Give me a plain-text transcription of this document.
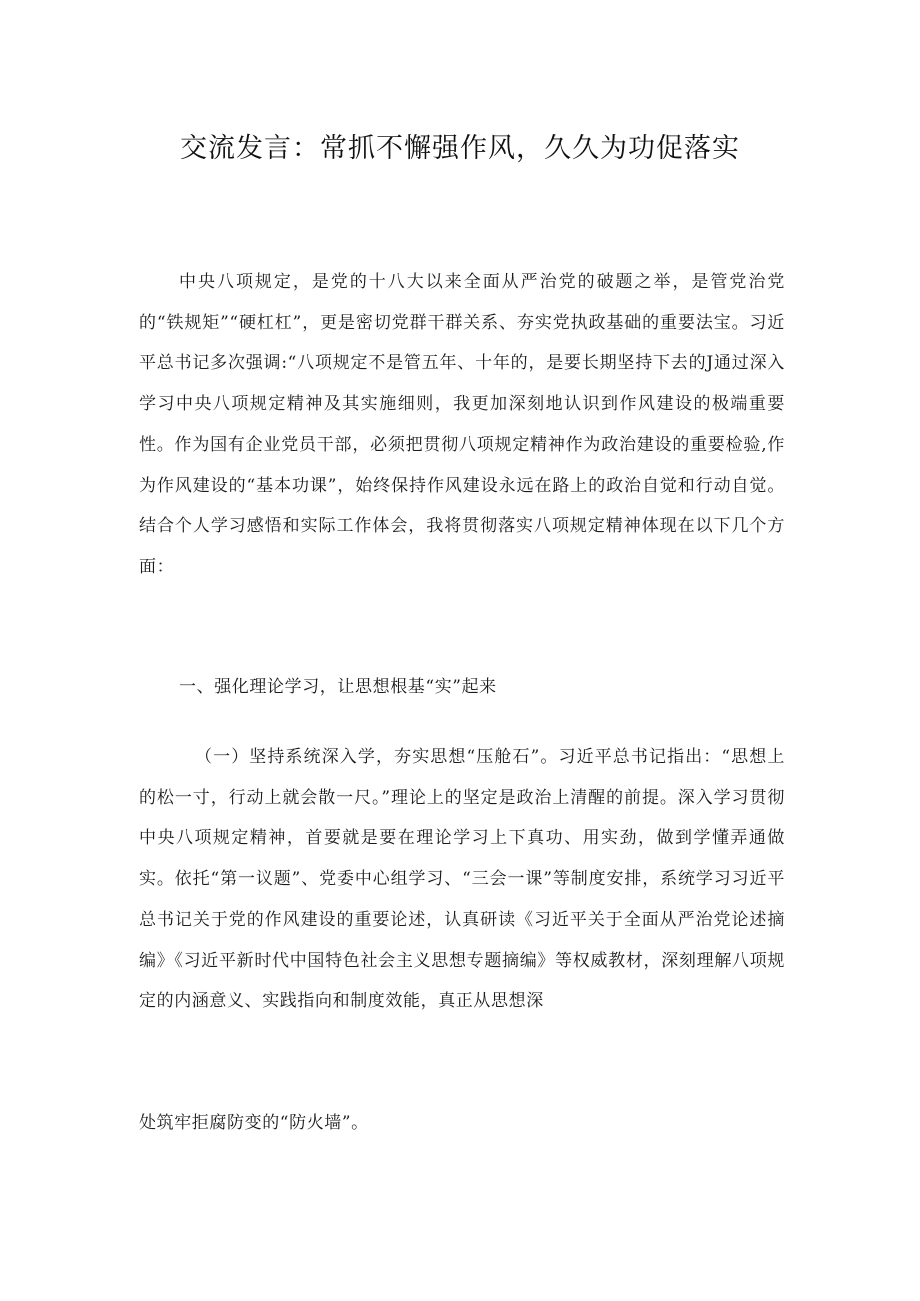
交流发言：常抓不懈强作风，久久为功促落实

中央八项规定，是党的十八大以来全面从严治党的破题之举，是管党治党的“铁规矩”“硬杠杠”，更是密切党群干群关系、夯实党执政基础的重要法宝。习近平总书记多次强调:“八项规定不是管五年、十年的，是要长期坚持下去的J通过深入学习中央八项规定精神及其实施细则，我更加深刻地认识到作风建设的极端重要性。作为国有企业党员干部，必须把贯彻八项规定精神作为政治建设的重要检验,作为作风建设的“基本功课”，始终保持作风建设永远在路上的政治自觉和行动自觉。结合个人学习感悟和实际工作体会，我将贯彻落实八项规定精神体现在以下几个方面：

一、强化理论学习，让思想根基“实”起来

（一）坚持系统深入学，夯实思想“压舱石”。习近平总书记指出：“思想上的松一寸，行动上就会散一尺。”理论上的坚定是政治上清醒的前提。深入学习贯彻中央八项规定精神，首要就是要在理论学习上下真功、用实劲，做到学懂弄通做实。依托“第一议题”、党委中心组学习、“三会一课”等制度安排，系统学习习近平总书记关于党的作风建设的重要论述，认真研读《习近平关于全面从严治党论述摘编》《习近平新时代中国特色社会主义思想专题摘编》等权威教材，深刻理解八项规定的内涵意义、实践指向和制度效能，真正从思想深

处筑牢拒腐防变的“防火墙”。
